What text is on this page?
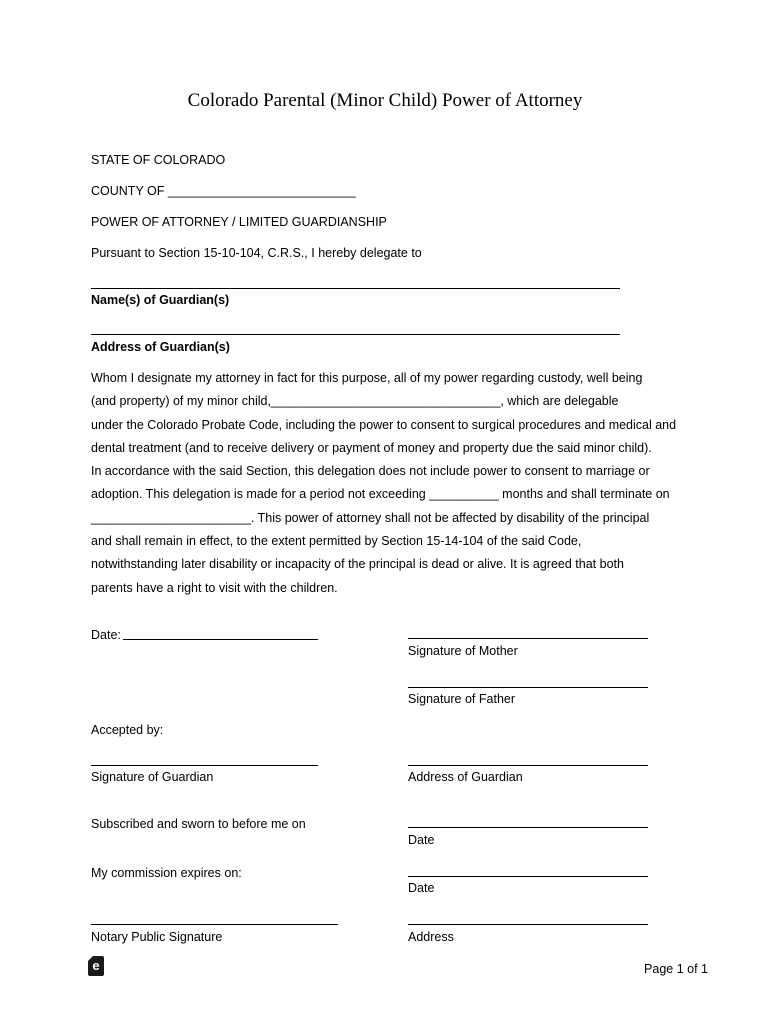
Colorado Parental (Minor Child) Power of Attorney
STATE OF COLORADO
COUNTY OF ___________________________
POWER OF ATTORNEY / LIMITED GUARDIANSHIP
Pursuant to Section 15-10-104, C.R.S., I hereby delegate to
Name(s) of Guardian(s)
Address of Guardian(s)
Whom I designate my attorney in fact for this purpose, all of my power regarding custody, well being
(and property) of my minor child,_________________________________, which are delegable
under the Colorado Probate Code, including the power to consent to surgical procedures and medical and
dental treatment (and to receive delivery or payment of money and property due the said minor child).
In accordance with the said Section, this delegation does not include power to consent to marriage or
adoption. This delegation is made for a period not exceeding __________ months and shall terminate on
_______________________. This power of attorney shall not be affected by disability of the principal
and shall remain in effect, to the extent permitted by Section 15-14-104 of the said Code,
notwithstanding later disability or incapacity of the principal is dead or alive. It is agreed that both
parents have a right to visit with the children.
Date:
Signature of Mother
Signature of Father
Accepted by:
Signature of Guardian	Address of Guardian
Subscribed and sworn to before me on
Date
My commission expires on:
Date
Notary Public Signature	Address
e	Page 1 of 1
